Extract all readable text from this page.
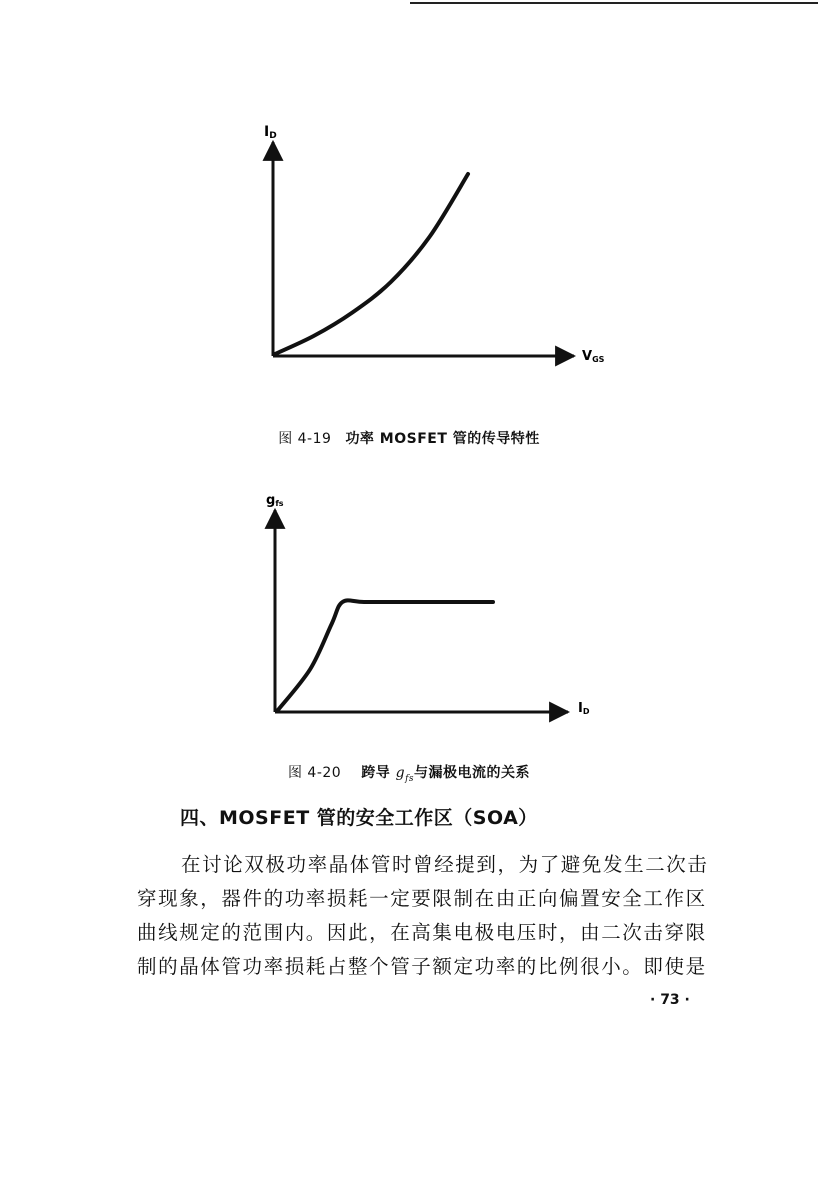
ID
VGS
图 4-19 功率 MOSFET 管的传导特性
gfs
ID
图 4-20 跨导 $g_{fs}$与漏极电流的关系
四、MOSFET 管的安全工作区（SOA）
在讨论双极功率晶体管时曾经提到，为了避免发生二次击
穿现象，器件的功率损耗一定要限制在由正向偏置安全工作区
曲线规定的范围内。因此，在高集电极电压时，由二次击穿限
制的晶体管功率损耗占整个管子额定功率的比例很小。即使是
· 73 ·
